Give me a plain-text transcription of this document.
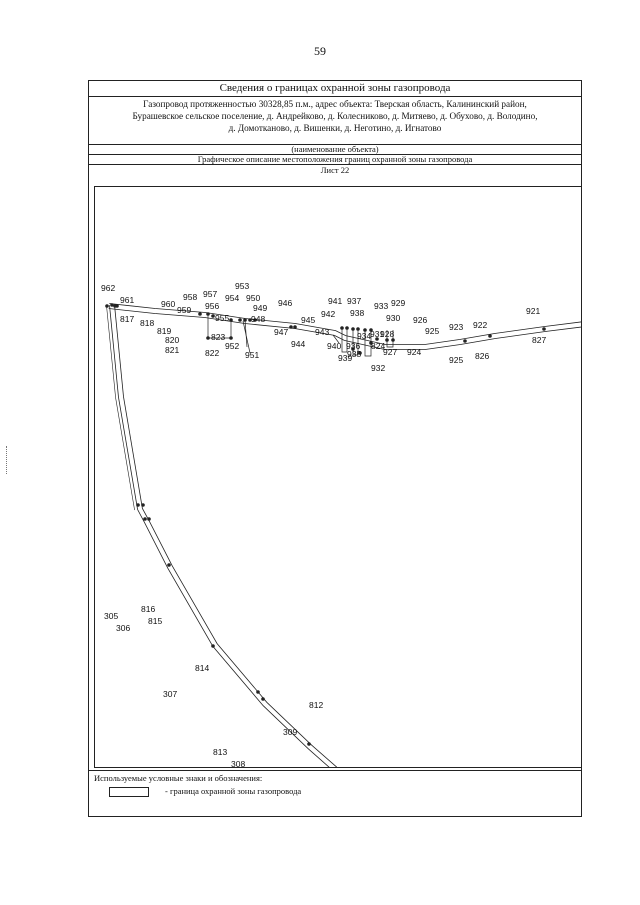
59
Сведения о границах охранной зоны газопровода
Газопровод протяженностью 30328,85 п.м., адрес объекта: Тверская область, Калининский район,
Бурашевское сельское поселение, д. Андрейково, д. Колесниково, д. Митяево, д. Обухово, д. Володино,
д. Домотканово, д. Вишенки, д. Неготино, д. Игнатово
(наименование объекта)
Графическое описание местоположения границ охранной зоны газопровода
Лист 22
962
961
817 818
960
819
958
959
957
820
956
821
955
823
822
953
954 950
949
948
952
951
946
947
945
944
943
941
942
940
939
936
937
938
935
933
934
929
931
930
928
926
924
927
925 923 922
921
925 826
827
824
932
305
816
306
815
814
307
813
308
812
309
Используемые условные знаки и обозначения:
- граница охранной зоны газопровода
